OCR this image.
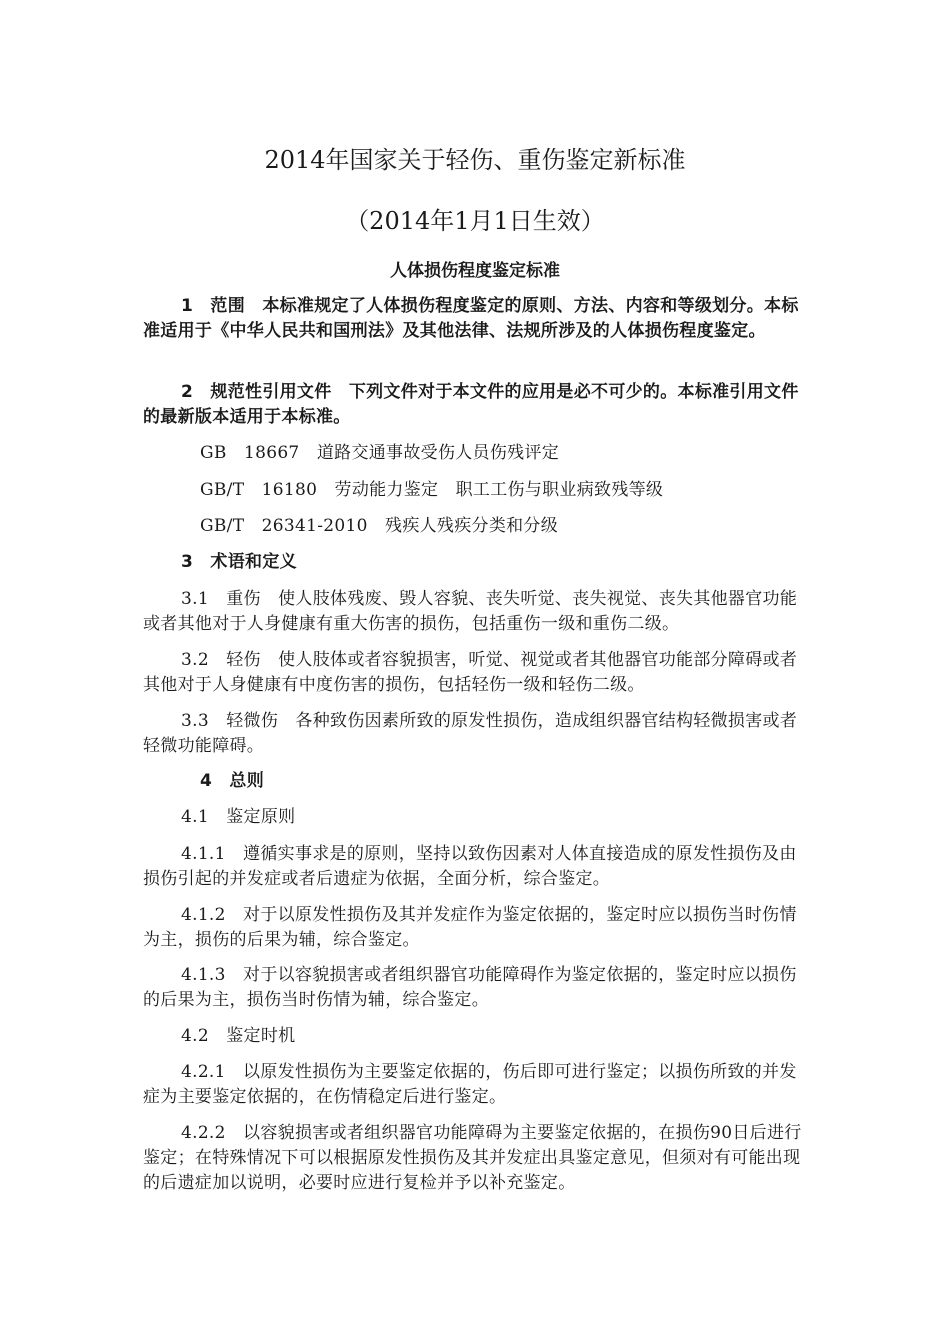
2014年国家关于轻伤、重伤鉴定新标准
（2014年1月1日生效）
人体损伤程度鉴定标准
1　范围　本标准规定了人体损伤程度鉴定的原则、方法、内容和等级划分。本标准适用于《中华人民共和国刑法》及其他法律、法规所涉及的人体损伤程度鉴定。
2　规范性引用文件　下列文件对于本文件的应用是必不可少的。本标准引用文件的最新版本适用于本标准。
GB　18667　道路交通事故受伤人员伤残评定
GB/T　16180　劳动能力鉴定　职工工伤与职业病致残等级
GB/T　26341-2010　残疾人残疾分类和分级
3　术语和定义
3.1　重伤　使人肢体残废、毁人容貌、丧失听觉、丧失视觉、丧失其他器官功能或者其他对于人身健康有重大伤害的损伤，包括重伤一级和重伤二级。
3.2　轻伤　使人肢体或者容貌损害，听觉、视觉或者其他器官功能部分障碍或者其他对于人身健康有中度伤害的损伤，包括轻伤一级和轻伤二级。
3.3　轻微伤　各种致伤因素所致的原发性损伤，造成组织器官结构轻微损害或者轻微功能障碍。
4　总则
4.1　鉴定原则
4.1.1　遵循实事求是的原则，坚持以致伤因素对人体直接造成的原发性损伤及由损伤引起的并发症或者后遗症为依据，全面分析，综合鉴定。
4.1.2　对于以原发性损伤及其并发症作为鉴定依据的，鉴定时应以损伤当时伤情为主，损伤的后果为辅，综合鉴定。
4.1.3　对于以容貌损害或者组织器官功能障碍作为鉴定依据的，鉴定时应以损伤的后果为主，损伤当时伤情为辅，综合鉴定。
4.2　鉴定时机
4.2.1　以原发性损伤为主要鉴定依据的，伤后即可进行鉴定；以损伤所致的并发症为主要鉴定依据的，在伤情稳定后进行鉴定。
4.2.2　以容貌损害或者组织器官功能障碍为主要鉴定依据的，在损伤90日后进行鉴定；在特殊情况下可以根据原发性损伤及其并发症出具鉴定意见，但须对有可能出现的后遗症加以说明，必要时应进行复检并予以补充鉴定。
